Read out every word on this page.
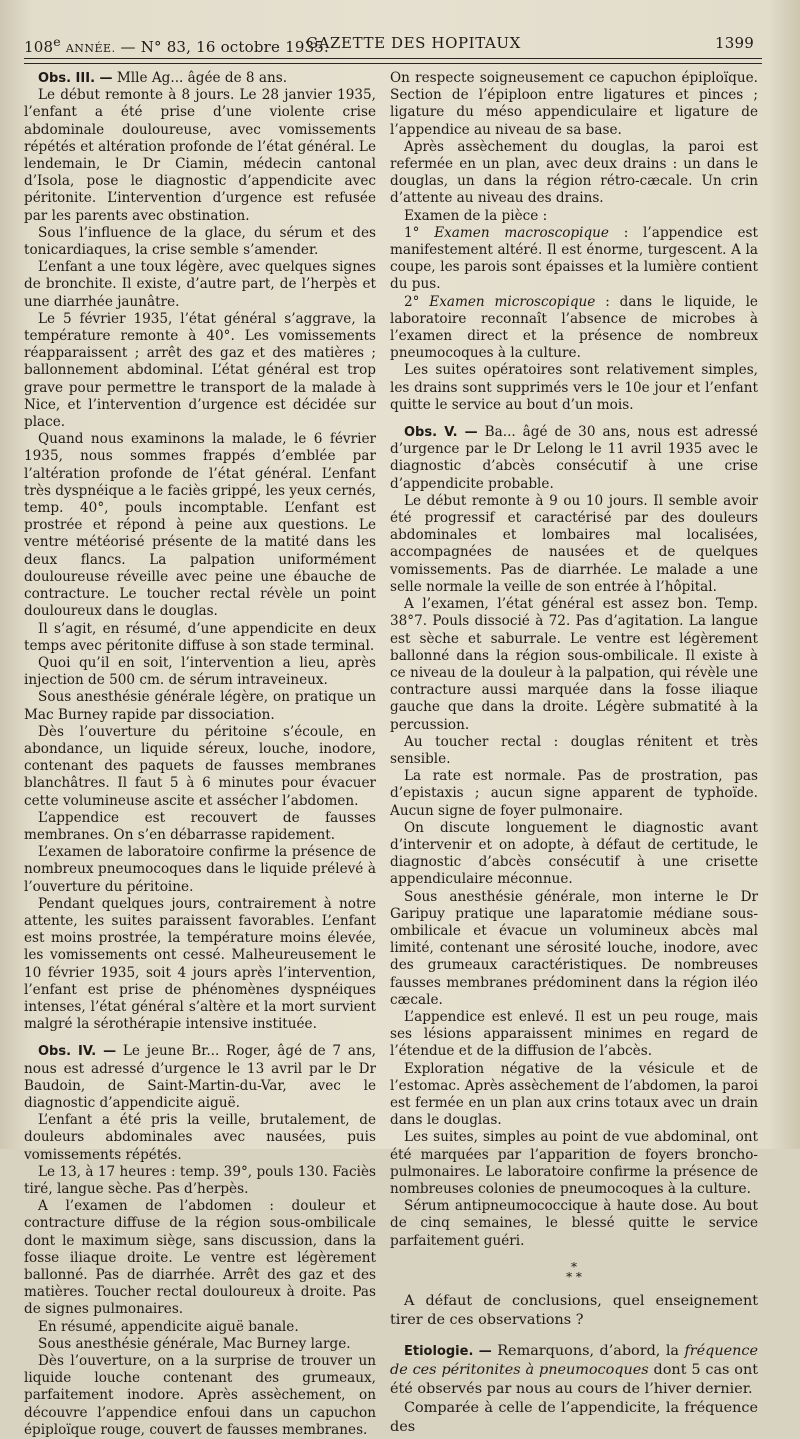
108e ANNÉE. — N° 83, 16 octobre 1935.
GAZETTE DES HOPITAUX	1399

Obs. III. — Mlle Ag... âgée de 8 ans.

Le début remonte à 8 jours. Le 28 janvier 1935, l’enfant a été prise d’une violente crise abdominale douloureuse, avec vomissements répétés et altération profonde de l’état général. Le lendemain, le Dr Ciamin, médecin cantonal d’Isola, pose le diagnostic d’appendicite avec péritonite. L’intervention d’urgence est refusée par les parents avec obstination.

Sous l’influence de la glace, du sérum et des tonicardiaques, la crise semble s’amender.

L’enfant a une toux légère, avec quelques signes de bronchite. Il existe, d’autre part, de l’herpès et une diarrhée jaunâtre.

Le 5 février 1935, l’état général s’aggrave, la température remonte à 40°. Les vomissements réapparaissent ; arrêt des gaz et des matières ; ballonnement abdominal. L’état général est trop grave pour permettre le transport de la malade à Nice, et l’intervention d’urgence est décidée sur place.

Quand nous examinons la malade, le 6 février 1935, nous sommes frappés d’emblée par l’altération profonde de l’état général. L’enfant très dyspnéique a le faciès grippé, les yeux cernés, temp. 40°, pouls incomptable. L’enfant est prostrée et répond à peine aux questions. Le ventre météorisé présente de la matité dans les deux flancs. La palpation uniformément douloureuse réveille avec peine une ébauche de contracture. Le toucher rectal révèle un point douloureux dans le douglas.

Il s’agit, en résumé, d’une appendicite en deux temps avec péritonite diffuse à son stade terminal.

Quoi qu’il en soit, l’intervention a lieu, après injection de 500 cm. de sérum intraveineux.

Sous anesthésie générale légère, on pratique un Mac Burney rapide par dissociation.

Dès l’ouverture du péritoine s’écoule, en abondance, un liquide séreux, louche, inodore, contenant des paquets de fausses membranes blanchâtres. Il faut 5 à 6 minutes pour évacuer cette volumineuse ascite et assécher l’abdomen.

L’appendice est recouvert de fausses membranes. On s’en débarrasse rapidement.

L’examen de laboratoire confirme la présence de nombreux pneumocoques dans le liquide prélevé à l’ouverture du péritoine.

Pendant quelques jours, contrairement à notre attente, les suites paraissent favorables. L’enfant est moins prostrée, la température moins élevée, les vomissements ont cessé. Malheureusement le 10 février 1935, soit 4 jours après l’intervention, l’enfant est prise de phénomènes dyspnéiques intenses, l’état général s’altère et la mort survient malgré la sérothérapie intensive instituée.

Obs. IV. — Le jeune Br... Roger, âgé de 7 ans, nous est adressé d’urgence le 13 avril par le Dr Baudoin, de Saint-Martin-du-Var, avec le diagnostic d’appendicite aiguë.

L’enfant a été pris la veille, brutalement, de douleurs abdominales avec nausées, puis vomissements répétés.

Le 13, à 17 heures : temp. 39°, pouls 130. Faciès tiré, langue sèche. Pas d’herpès.

A l’examen de l’abdomen : douleur et contracture diffuse de la région sous-ombilicale dont le maximum siège, sans discussion, dans la fosse iliaque droite. Le ventre est légèrement ballonné. Pas de diarrhée. Arrêt des gaz et des matières. Toucher rectal douloureux à droite. Pas de signes pulmonaires.

En résumé, appendicite aiguë banale.

Sous anesthésie générale, Mac Burney large.

Dès l’ouverture, on a la surprise de trouver un liquide louche contenant des grumeaux, parfaitement inodore. Après assèchement, on découvre l’appendice enfoui dans un capuchon épiploïque rouge, couvert de fausses membranes.

On respecte soigneusement ce capuchon épiploïque. Section de l’épiploon entre ligatures et pinces ; ligature du méso appendiculaire et ligature de l’appendice au niveau de sa base.

Après assèchement du douglas, la paroi est refermée en un plan, avec deux drains : un dans le douglas, un dans la région rétro-cæcale. Un crin d’attente au niveau des drains.

Examen de la pièce :

1° Examen macroscopique : l’appendice est manifestement altéré. Il est énorme, turgescent. A la coupe, les parois sont épaisses et la lumière contient du pus.

2° Examen microscopique : dans le liquide, le laboratoire reconnaît l’absence de microbes à l’examen direct et la présence de nombreux pneumocoques à la culture.

Les suites opératoires sont relativement simples, les drains sont supprimés vers le 10e jour et l’enfant quitte le service au bout d’un mois.

Obs. V. — Ba... âgé de 30 ans, nous est adressé d’urgence par le Dr Lelong le 11 avril 1935 avec le diagnostic d’abcès consécutif à une crise d’appendicite probable.

Le début remonte à 9 ou 10 jours. Il semble avoir été progressif et caractérisé par des douleurs abdominales et lombaires mal localisées, accompagnées de nausées et de quelques vomissements. Pas de diarrhée. Le malade a une selle normale la veille de son entrée à l’hôpital.

A l’examen, l’état général est assez bon. Temp. 38°7. Pouls dissocié à 72. Pas d’agitation. La langue est sèche et saburrale. Le ventre est légèrement ballonné dans la région sous-ombilicale. Il existe à ce niveau de la douleur à la palpation, qui révèle une contracture aussi marquée dans la fosse iliaque gauche que dans la droite. Légère submatité à la percussion.

Au toucher rectal : douglas rénitent et très sensible.

La rate est normale. Pas de prostration, pas d’epistaxis ; aucun signe apparent de typhoïde. Aucun signe de foyer pulmonaire.

On discute longuement le diagnostic avant d’intervenir et on adopte, à défaut de certitude, le diagnostic d’abcès consécutif à une crisette appendiculaire méconnue.

Sous anesthésie générale, mon interne le Dr Garipuy pratique une laparatomie médiane sous-ombilicale et évacue un volumineux abcès mal limité, contenant une sérosité louche, inodore, avec des grumeaux caractéristiques. De nombreuses fausses membranes prédominent dans la région iléo cæcale.

L’appendice est enlevé. Il est un peu rouge, mais ses lésions apparaissent minimes en regard de l’étendue et de la diffusion de l’abcès.

Exploration négative de la vésicule et de l’estomac. Après assèchement de l’abdomen, la paroi est fermée en un plan aux crins totaux avec un drain dans le douglas.

Les suites, simples au point de vue abdominal, ont été marquées par l’apparition de foyers broncho-pulmonaires. Le laboratoire confirme la présence de nombreuses colonies de pneumocoques à la culture.

Sérum antipneumococcique à haute dose. Au bout de cinq semaines, le blessé quitte le service parfaitement guéri.

*
* *

A défaut de conclusions, quel enseignement tirer de ces observations ?

Etiologie. — Remarquons, d’abord, la fréquence de ces péritonites à pneumocoques dont 5 cas ont été observés par nous au cours de l’hiver dernier.

Comparée à celle de l’appendicite, la fréquence des
